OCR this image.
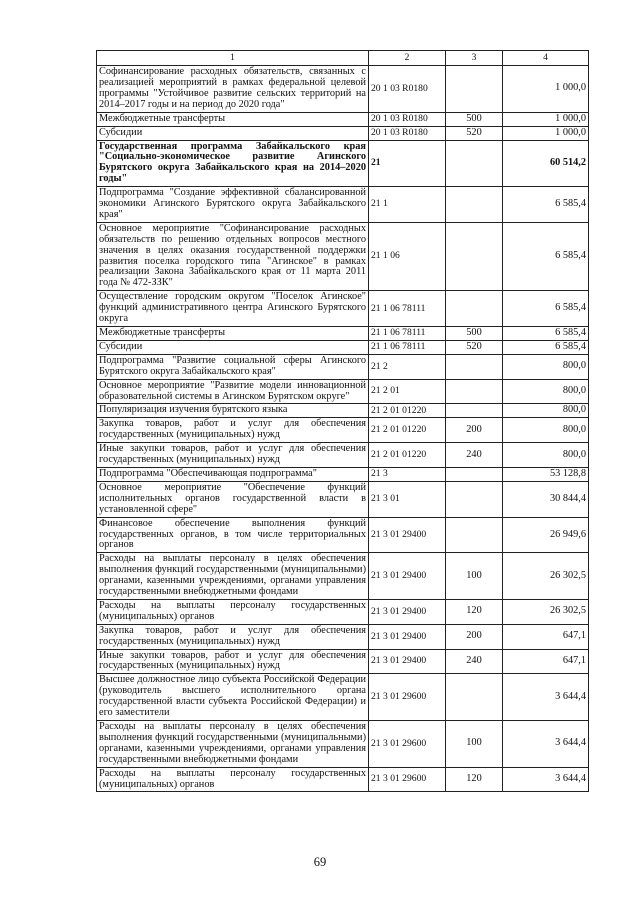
1	2	3	4
Софинансирование расходных обязательств, связанных с реализацией мероприятий в рамках федеральной целевой программы "Устойчивое развитие сельских территорий на 2014–2017 годы и на период до 2020 года"	20 1 03 R0180		1 000,0
Межбюджетные трансферты	20 1 03 R0180	500	1 000,0
Субсидии	20 1 03 R0180	520	1 000,0
Государственная программа Забайкальского края "Социально-экономическое развитие Агинского Бурятского округа Забайкальского края на 2014–2020 годы"	21		60 514,2
Подпрограмма "Создание эффективной сбалансированной экономики Агинского Бурятского округа Забайкальского края"	21 1		6 585,4
Основное мероприятие "Софинансирование расходных обязательств по решению отдельных вопросов местного значения в целях оказания государственной поддержки развития поселка городского типа "Агинское" в рамках реализации Закона Забайкальского края от 11 марта 2011 года № 472-ЗЗК"	21 1 06		6 585,4
Осуществление городским округом "Поселок Агинское" функций административного центра Агинского Бурятского округа	21 1 06 78111		6 585,4
Межбюджетные трансферты	21 1 06 78111	500	6 585,4
Субсидии	21 1 06 78111	520	6 585,4
Подпрограмма "Развитие социальной сферы Агинского Бурятского округа Забайкальского края"	21 2		800,0
Основное мероприятие "Развитие модели инновационной образовательной системы в Агинском Бурятском округе"	21 2 01		800,0
Популяризация изучения бурятского языка	21 2 01 01220		800,0
Закупка товаров, работ и услуг для обеспечения государственных (муниципальных) нужд	21 2 01 01220	200	800,0
Иные закупки товаров, работ и услуг для обеспечения государственных (муниципальных) нужд	21 2 01 01220	240	800,0
Подпрограмма "Обеспечивающая подпрограмма"	21 3		53 128,8
Основное мероприятие "Обеспечение функций исполнительных органов государственной власти в установленной сфере"	21 3 01		30 844,4
Финансовое обеспечение выполнения функций государственных органов, в том числе территориальных органов	21 3 01 29400		26 949,6
Расходы на выплаты персоналу в целях обеспечения выполнения функций государственными (муниципальными) органами, казенными учреждениями, органами управления государственными внебюджетными фондами	21 3 01 29400	100	26 302,5
Расходы на выплаты персоналу государственных (муниципальных) органов	21 3 01 29400	120	26 302,5
Закупка товаров, работ и услуг для обеспечения государственных (муниципальных) нужд	21 3 01 29400	200	647,1
Иные закупки товаров, работ и услуг для обеспечения государственных (муниципальных) нужд	21 3 01 29400	240	647,1
Высшее должностное лицо субъекта Российской Федерации (руководитель высшего исполнительного органа государственной власти субъекта Российской Федерации) и его заместители	21 3 01 29600		3 644,4
Расходы на выплаты персоналу в целях обеспечения выполнения функций государственными (муниципальными) органами, казенными учреждениями, органами управления государственными внебюджетными фондами	21 3 01 29600	100	3 644,4
Расходы на выплаты персоналу государственных (муниципальных) органов	21 3 01 29600	120	3 644,4
69
